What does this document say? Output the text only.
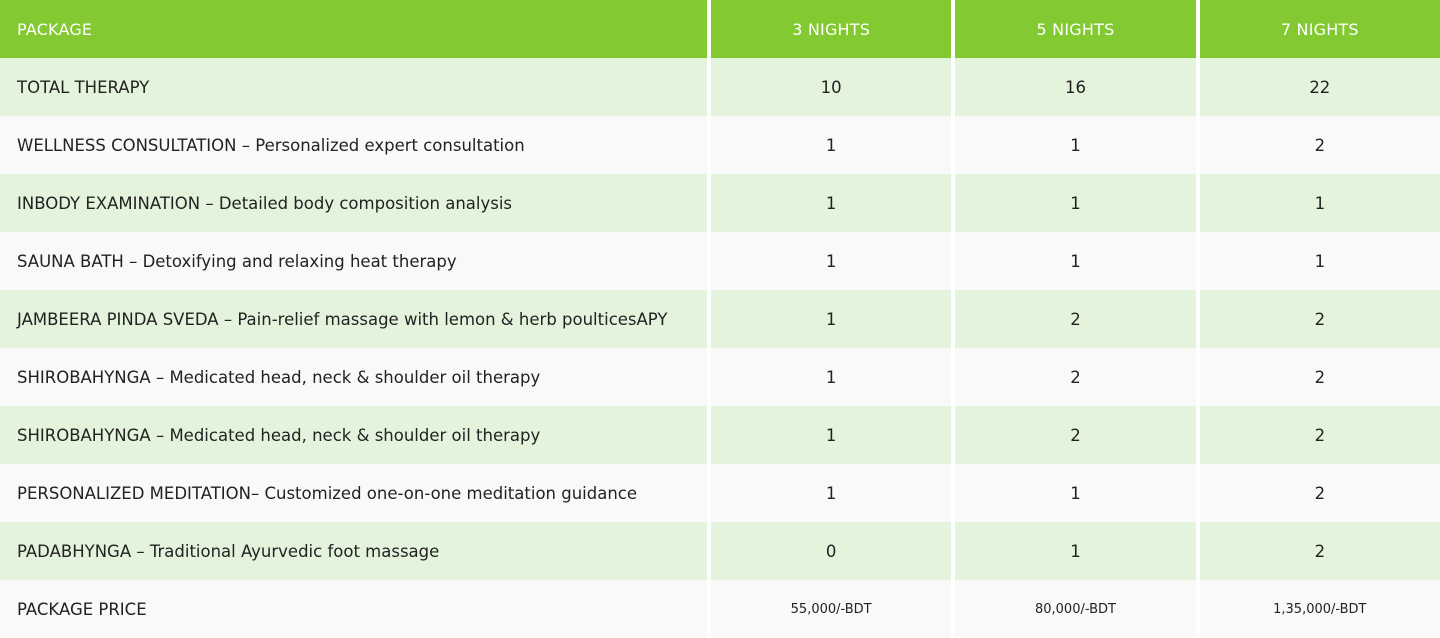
PACKAGE	3 NIGHTS	5 NIGHTS	7 NIGHTS
TOTAL THERAPY	10	16	22
WELLNESS CONSULTATION – Personalized expert consultation	1	1	2
INBODY EXAMINATION – Detailed body composition analysis	1	1	1
SAUNA BATH – Detoxifying and relaxing heat therapy	1	1	1
JAMBEERA PINDA SVEDA – Pain-relief massage with lemon & herb poulticesAPY	1	2	2
SHIROBAHYNGA – Medicated head, neck & shoulder oil therapy	1	2	2
SHIROBAHYNGA – Medicated head, neck & shoulder oil therapy	1	2	2
PERSONALIZED MEDITATION– Customized one-on-one meditation guidance	1	1	2
PADABHYNGA – Traditional Ayurvedic foot massage	0	1	2
PACKAGE PRICE	55,000/-BDT	80,000/-BDT	1,35,000/-BDT
